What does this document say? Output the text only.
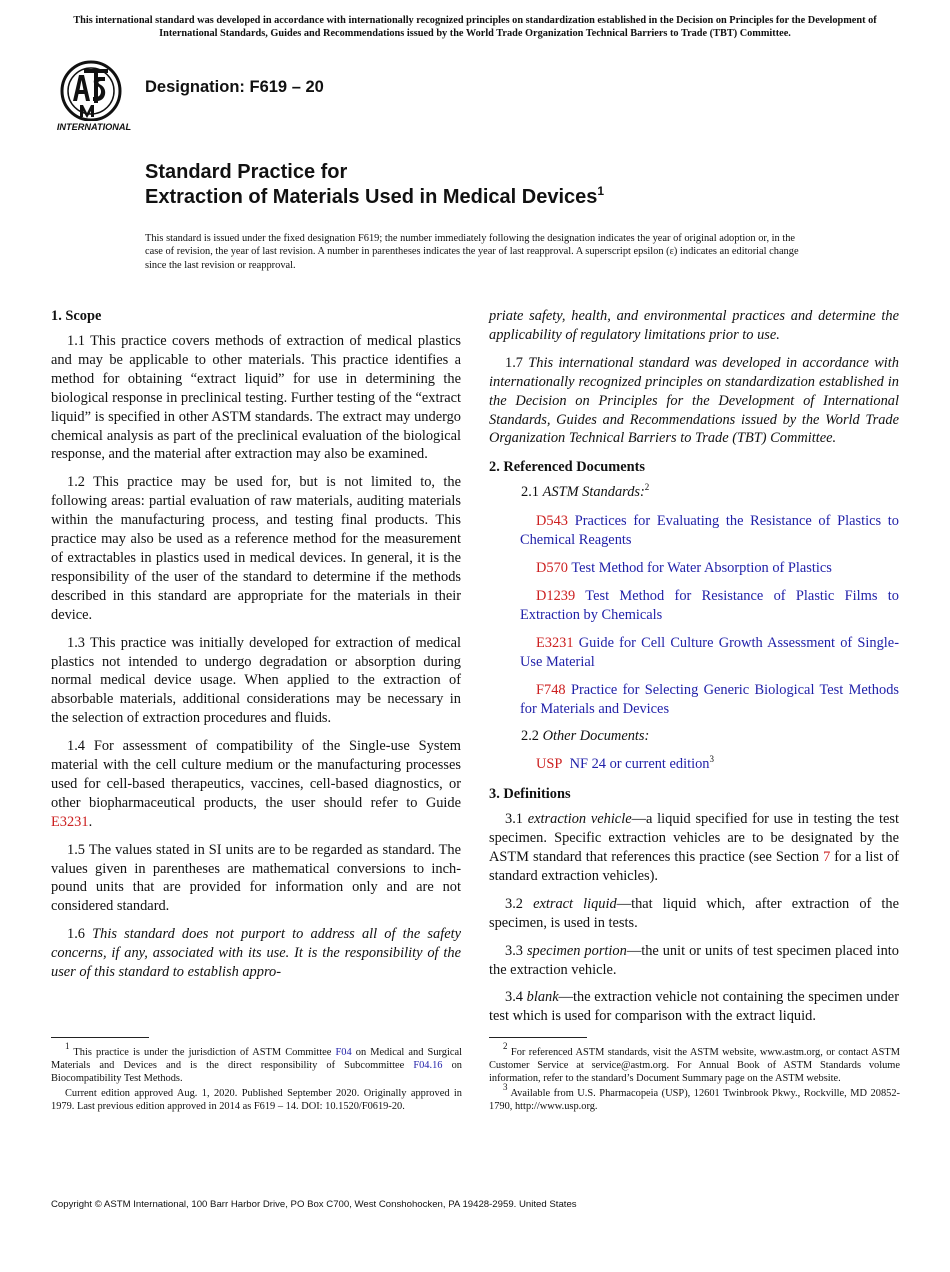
This international standard was developed in accordance with internationally recognized principles on standardization established in the Decision on Principles for the Development of International Standards, Guides and Recommendations issued by the World Trade Organization Technical Barriers to Trade (TBT) Committee.
INTERNATIONAL
Designation: F619 – 20
Standard Practice for
Extraction of Materials Used in Medical Devices$^1$
This standard is issued under the fixed designation F619; the number immediately following the designation indicates the year of original adoption or, in the case of revision, the year of last revision. A number in parentheses indicates the year of last reapproval. A superscript epsilon (ε) indicates an editorial change since the last revision or reapproval.
1. Scope

1.1 This practice covers methods of extraction of medical plastics and may be applicable to other materials. This practice identifies a method for obtaining “extract liquid” for use in determining the biological response in preclinical testing. Further testing of the “extract liquid” is specified in other ASTM standards. The extract may undergo chemical analysis as part of the preclinical evaluation of the biological response, and the material after extraction may also be examined.

1.2 This practice may be used for, but is not limited to, the following areas: partial evaluation of raw materials, auditing materials within the manufacturing process, and testing final products. This practice may also be used as a reference method for the measurement of extractables in plastics used in medical devices. In general, it is the responsibility of the user of the standard to determine if the methods described in this standard are appropriate for the materials in their device.

1.3 This practice was initially developed for extraction of medical plastics not intended to undergo degradation or absorption during normal medical device usage. When applied to the extraction of absorbable materials, additional considerations may be necessary in the selection of extraction procedures and fluids.

1.4 For assessment of compatibility of the Single-use System material with the cell culture medium or the manufacturing processes used for cell-based therapeutics, vaccines, cell-based diagnostics, or other biopharmaceutical products, the user should refer to Guide E3231.

1.5 The values stated in SI units are to be regarded as standard. The values given in parentheses are mathematical conversions to inch-pound units that are provided for information only and are not considered standard.

1.6 This standard does not purport to address all of the safety concerns, if any, associated with its use. It is the responsibility of the user of this standard to establish appro-

priate safety, health, and environmental practices and determine the applicability of regulatory limitations prior to use.

1.7 This international standard was developed in accordance with internationally recognized principles on standardization established in the Decision on Principles for the Development of International Standards, Guides and Recommendations issued by the World Trade Organization Technical Barriers to Trade (TBT) Committee.

2. Referenced Documents

2.1 ASTM Standards:$^2$

D543 Practices for Evaluating the Resistance of Plastics to Chemical Reagents

D570 Test Method for Water Absorption of Plastics

D1239 Test Method for Resistance of Plastic Films to Extraction by Chemicals

E3231 Guide for Cell Culture Growth Assessment of Single-Use Material

F748 Practice for Selecting Generic Biological Test Methods for Materials and Devices

2.2 Other Documents:

USP NF 24 or current edition$^3$

3. Definitions

3.1 extraction vehicle—a liquid specified for use in testing the test specimen. Specific extraction vehicles are to be designated by the ASTM standard that references this practice (see Section 7 for a list of standard extraction vehicles).

3.2 extract liquid—that liquid which, after extraction of the specimen, is used in tests.

3.3 specimen portion—the unit or units of test specimen placed into the extraction vehicle.

3.4 blank—the extraction vehicle not containing the specimen under test which is used for comparison with the extract liquid.

1 This practice is under the jurisdiction of ASTM Committee F04 on Medical and Surgical Materials and Devices and is the direct responsibility of Subcommittee F04.16 on Biocompatibility Test Methods.

Current edition approved Aug. 1, 2020. Published September 2020. Originally approved in 1979. Last previous edition approved in 2014 as F619 – 14. DOI: 10.1520/F0619-20.

2 For referenced ASTM standards, visit the ASTM website, www.astm.org, or contact ASTM Customer Service at service@astm.org. For Annual Book of ASTM Standards volume information, refer to the standard’s Document Summary page on the ASTM website.

3 Available from U.S. Pharmacopeia (USP), 12601 Twinbrook Pkwy., Rockville, MD 20852-1790, http://www.usp.org.

Copyright © ASTM International, 100 Barr Harbor Drive, PO Box C700, West Conshohocken, PA 19428-2959. United States
